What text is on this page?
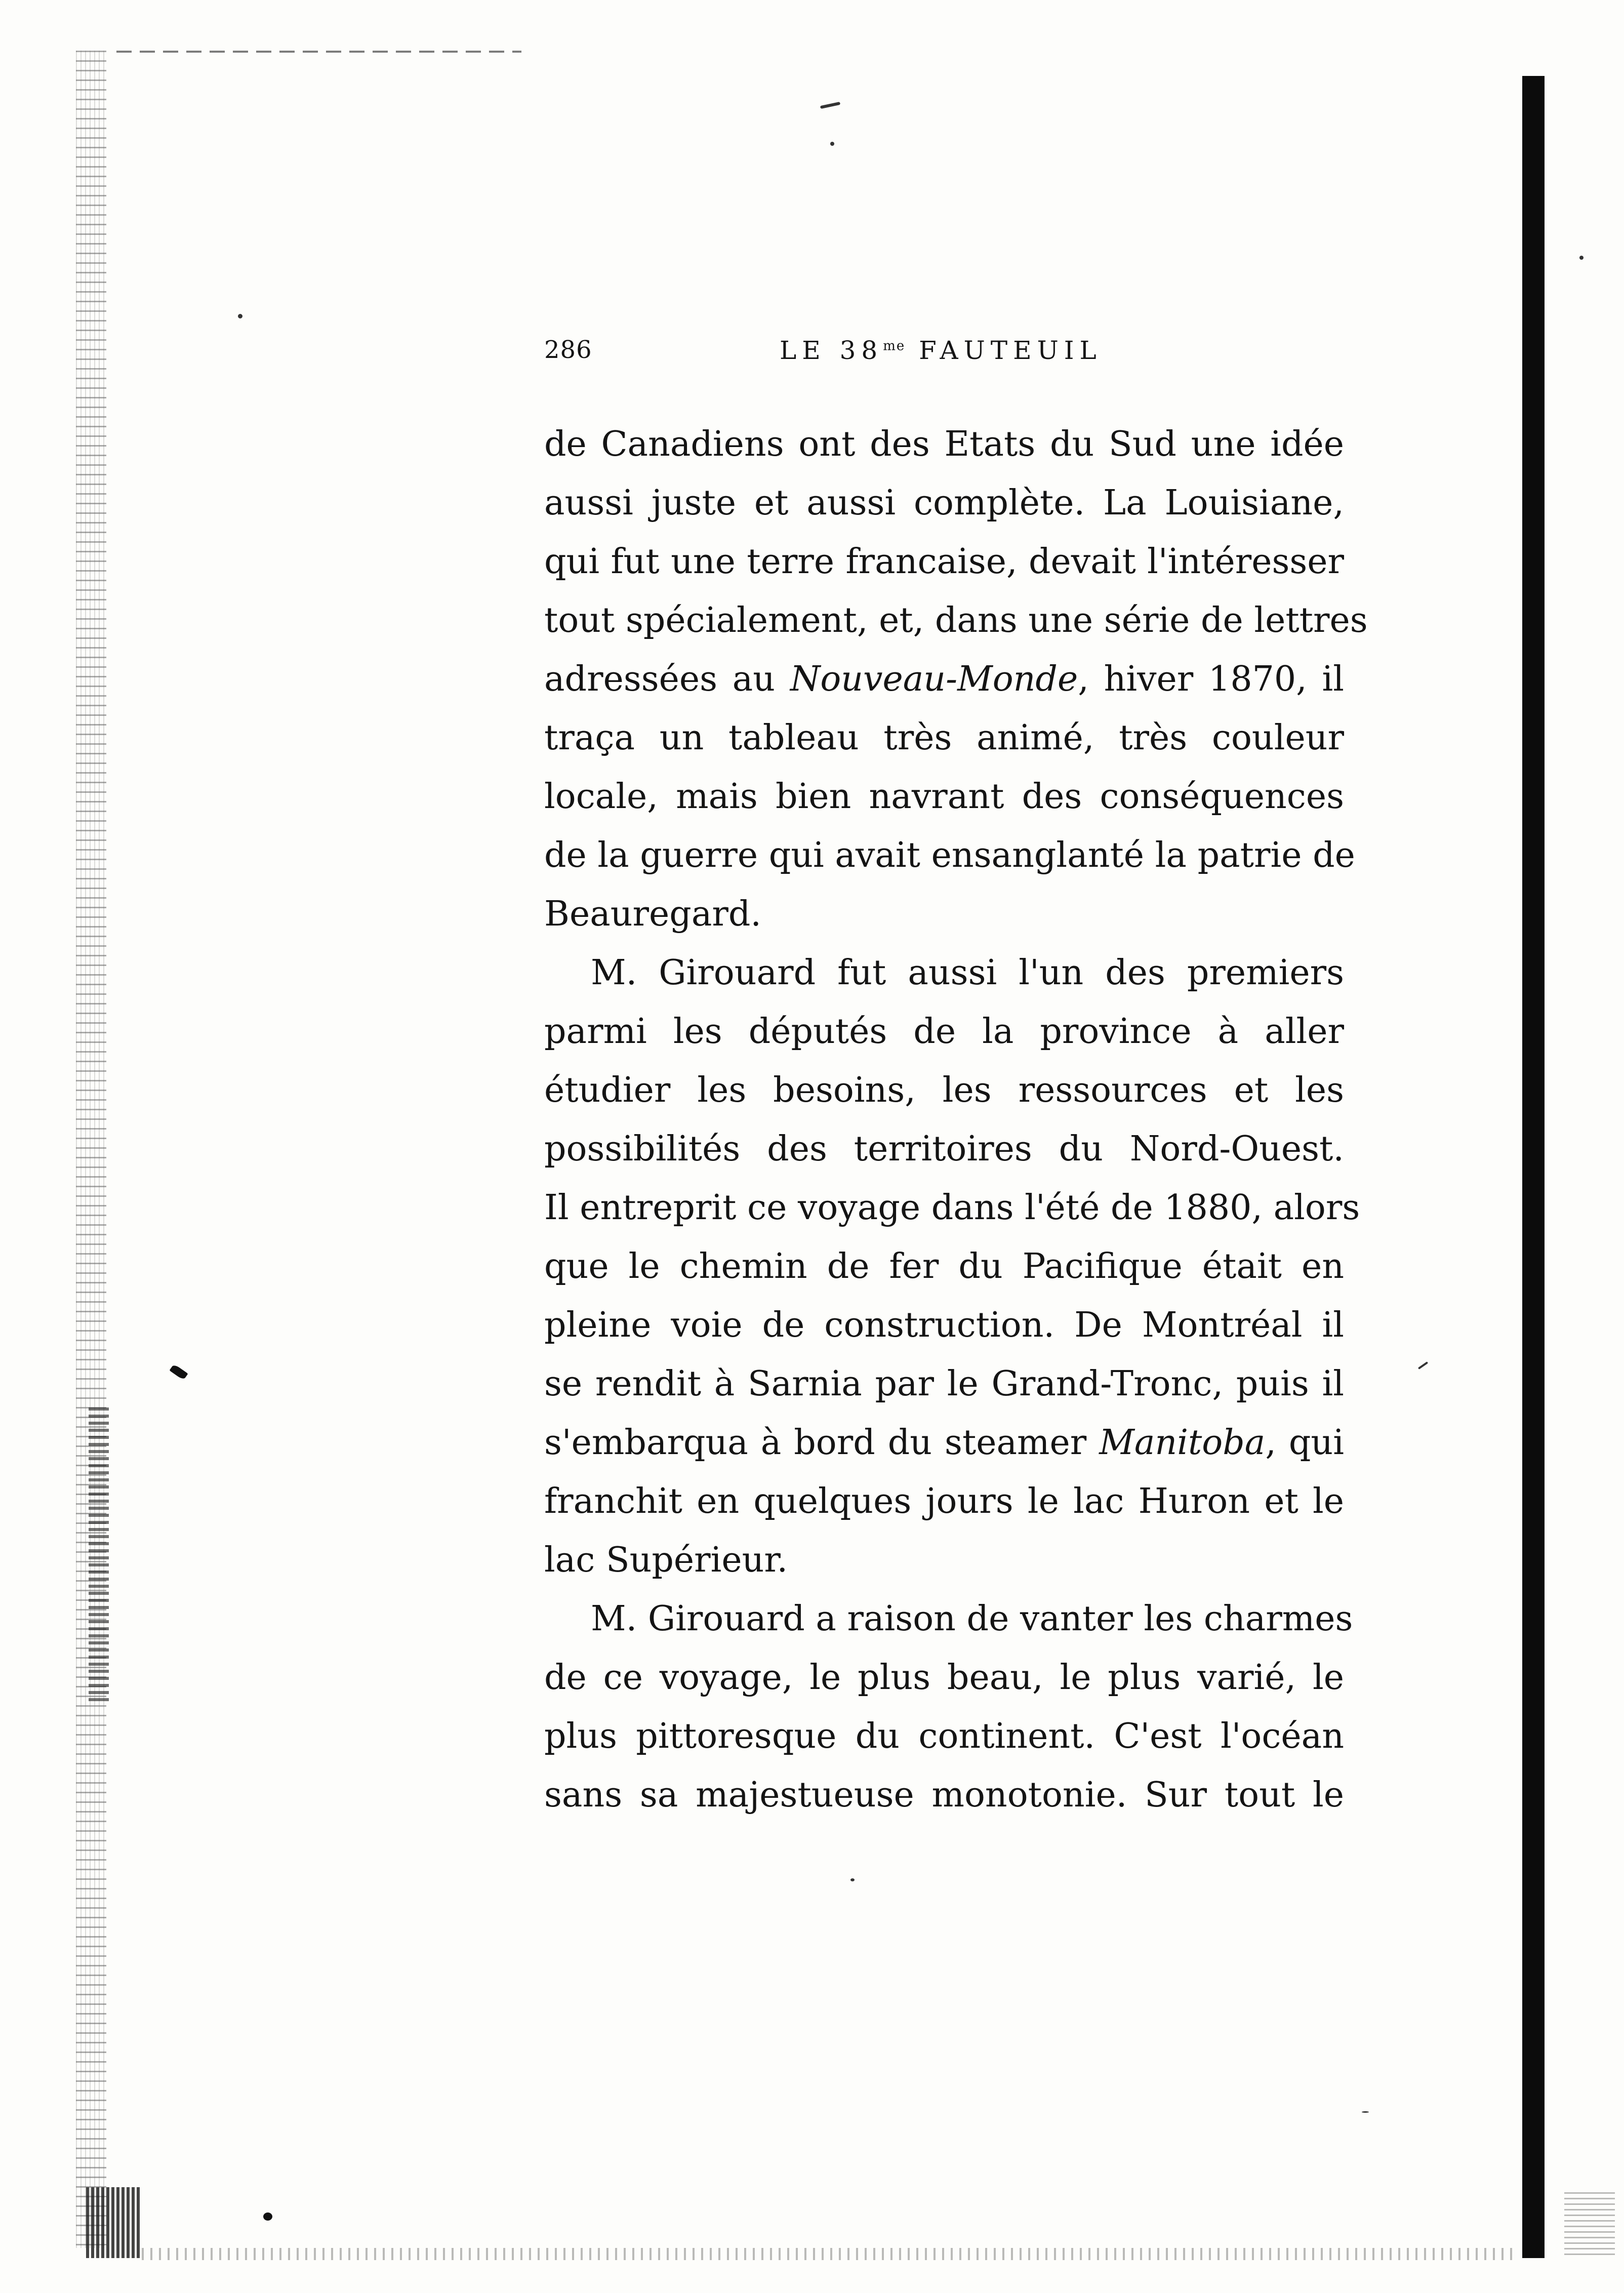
286	LE $38^{me}$ FAUTEUIL
de Canadiens ont des Etats du Sud une idée
aussi juste et aussi complète. La Louisiane,
qui fut une terre francaise, devait l'intéresser
tout spécialement, et, dans une série de lettres
adressées au Nouveau-Monde, hiver 1870, il
traça un tableau très animé, très couleur
locale, mais bien navrant des conséquences
de la guerre qui avait ensanglanté la patrie de
Beauregard.
M. Girouard fut aussi l'un des premiers
parmi les députés de la province à aller
étudier les besoins, les ressources et les
possibilités des territoires du Nord-Ouest.
Il entreprit ce voyage dans l'été de 1880, alors
que le chemin de fer du Pacifique était en
pleine voie de construction. De Montréal il
se rendit à Sarnia par le Grand-Tronc, puis il
s'embarqua à bord du steamer Manitoba, qui
franchit en quelques jours le lac Huron et le
lac Supérieur.
M. Girouard a raison de vanter les charmes
de ce voyage, le plus beau, le plus varié, le
plus pittoresque du continent. C'est l'océan
sans sa majestueuse monotonie. Sur tout le
